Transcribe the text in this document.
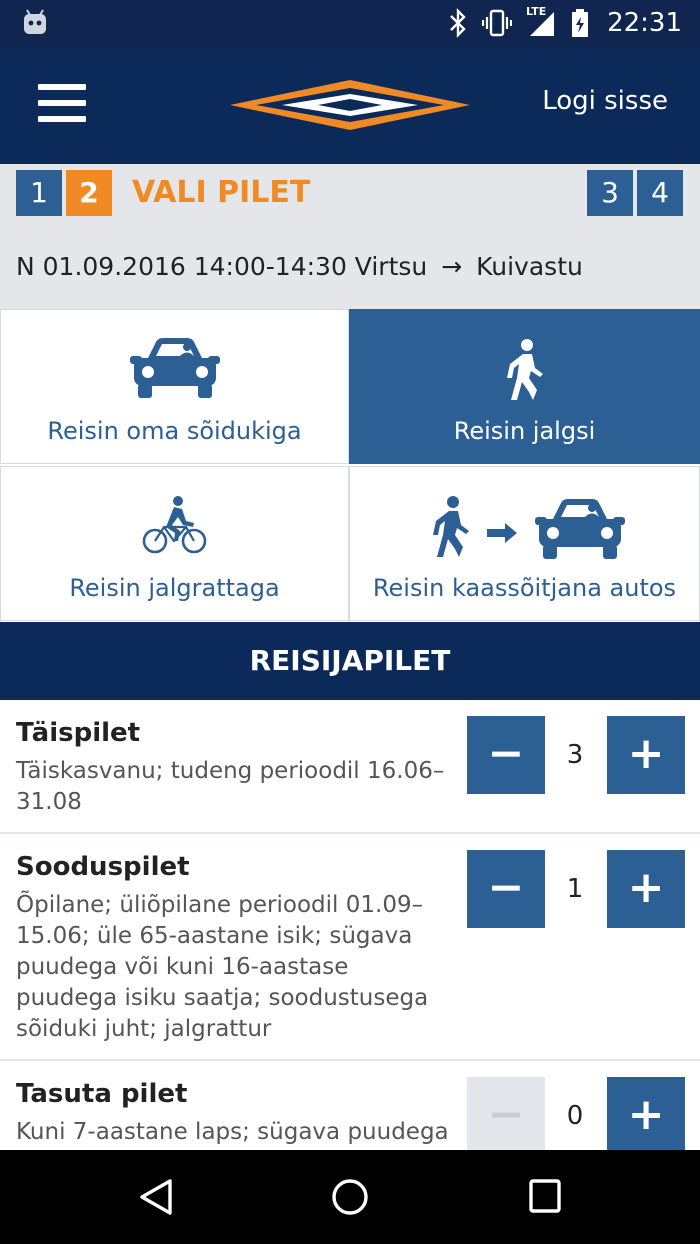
LTE 22:31
Logi sisse
1	2	VALI PILET	3	4
N 01.09.2016 14:00-14:30 Virtsu → Kuivastu
Reisin oma sõidukiga	Reisin jalgsi
Reisin jalgrattaga	Reisin kaassõitjana autos
REISIJAPILET
Täispilet
Täiskasvanu; tudeng perioodil 16.06–31.08
−	3	+
Sooduspilet
Õpilane; üliõpilane perioodil 01.09–15.06; üle 65-aastane isik; sügava puudega või kuni 16-aastase puudega isiku saatja; soodustusega sõiduki juht; jalgrattur
−	1	+
Tasuta pilet
Kuni 7-aastane laps; sügava puudega −	0	+
